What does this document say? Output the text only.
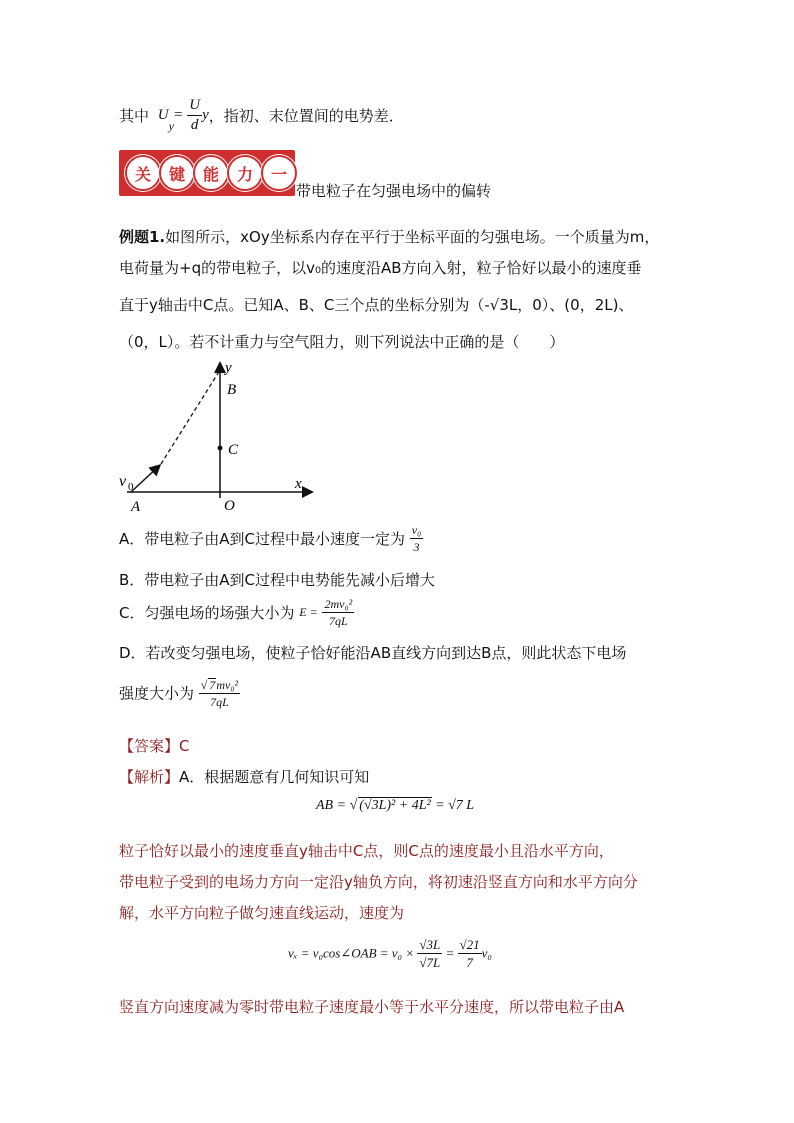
其中 $U_y= \frac{U}{d}$ y，指初、末位置间的电势差．
关	键	能	力	一
带电粒子在匀强电场中的偏转
例题1.如图所示，xOy坐标系内存在平行于坐标平面的匀强电场。一个质量为m，
电荷量为+q的带电粒子，以v₀的速度沿AB方向入射，粒子恰好以最小的速度垂
直于y轴击中C点。已知A、B、C三个点的坐标分别为（-√3L，0）、(0，2L)、
（0，L）。若不计重力与空气阻力，则下列说法中正确的是（　　）
y
B
C
x
O
A
v 0
A．带电粒子由A到C过程中最小速度一定为 $\frac{\text{v₀}}{3}$
B．带电粒子由A到C过程中电势能先减小后增大
C．匀强电场的场强大小为 $E = \frac{\text{2mv₀²}}{7qL}$
D．若改变匀强电场，使粒子恰好能沿AB直线方向到达B点，则此状态下电场
强度大小为 $\frac{\text{√ 7mv₀²}}{7qL}$
【答案】C
【解析】A．根据题意有几何知识可知
AB = √ (√3L)² + 4L² = √7 L
粒子恰好以最小的速度垂直y轴击中C点，则C点的速度最小且沿水平方向，
带电粒子受到的电场力方向一定沿y轴负方向，将初速沿竖直方向和水平方向分
解，水平方向粒子做匀速直线运动，速度为
vₓ = v₀cos∠OAB = $v_0 \times \frac{√3L}{√7L} = \frac{√21}{7} v_0$
竖直方向速度减为零时带电粒子速度最小等于水平分速度，所以带电粒子由A
